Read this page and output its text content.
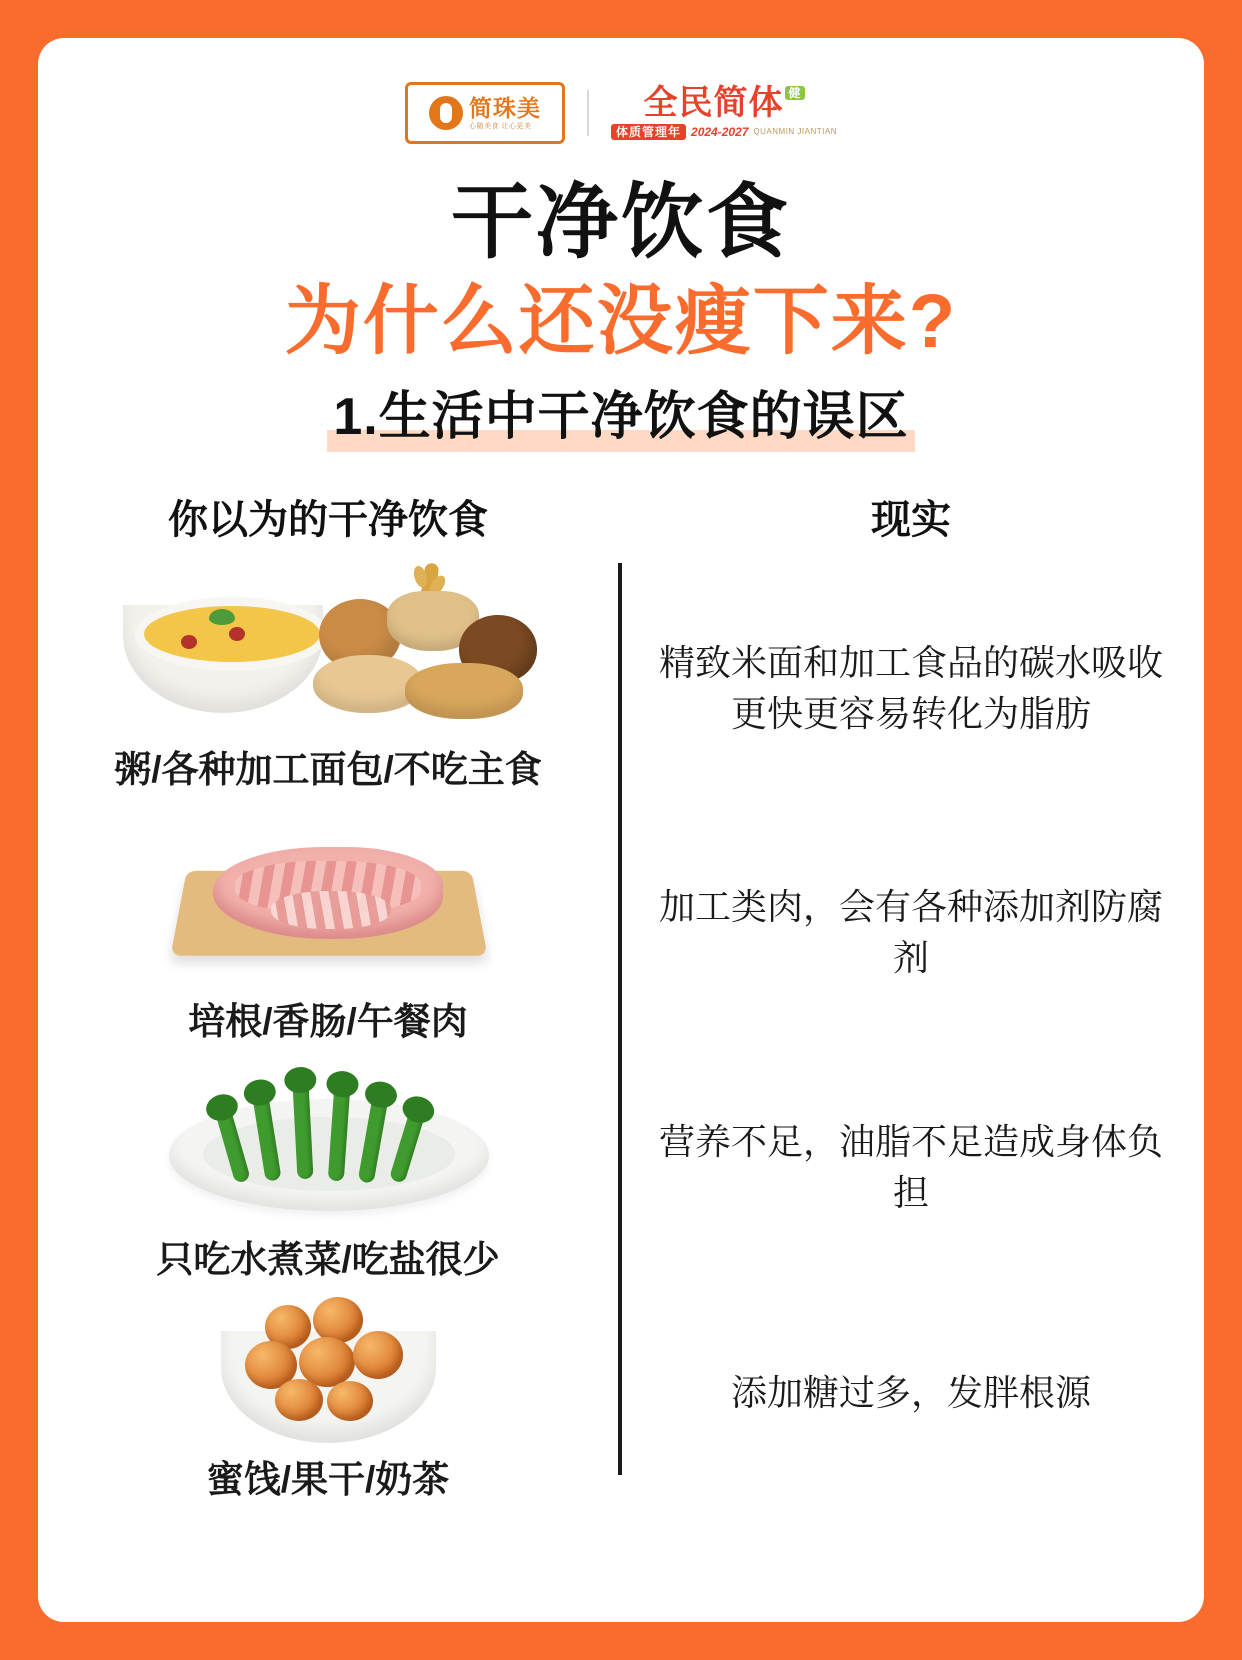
简珠美
心随美食 让心更美
全民简体 健
体质管理年 2024-2027 QUANMIN JIANTIAN
干净饮食
为什么还没瘦下来?
1.生活中干净饮食的误区
你以为的干净饮食	现实
粥/各种加工面包/不吃主食
培根/香肠/午餐肉
只吃水煮菜/吃盐很少
蜜饯/果干/奶茶

精致米面和加工食品的碳水吸收更快更容易转化为脂肪

加工类肉，会有各种添加剂防腐剂

营养不足，油脂不足造成身体负担

添加糖过多，发胖根源
